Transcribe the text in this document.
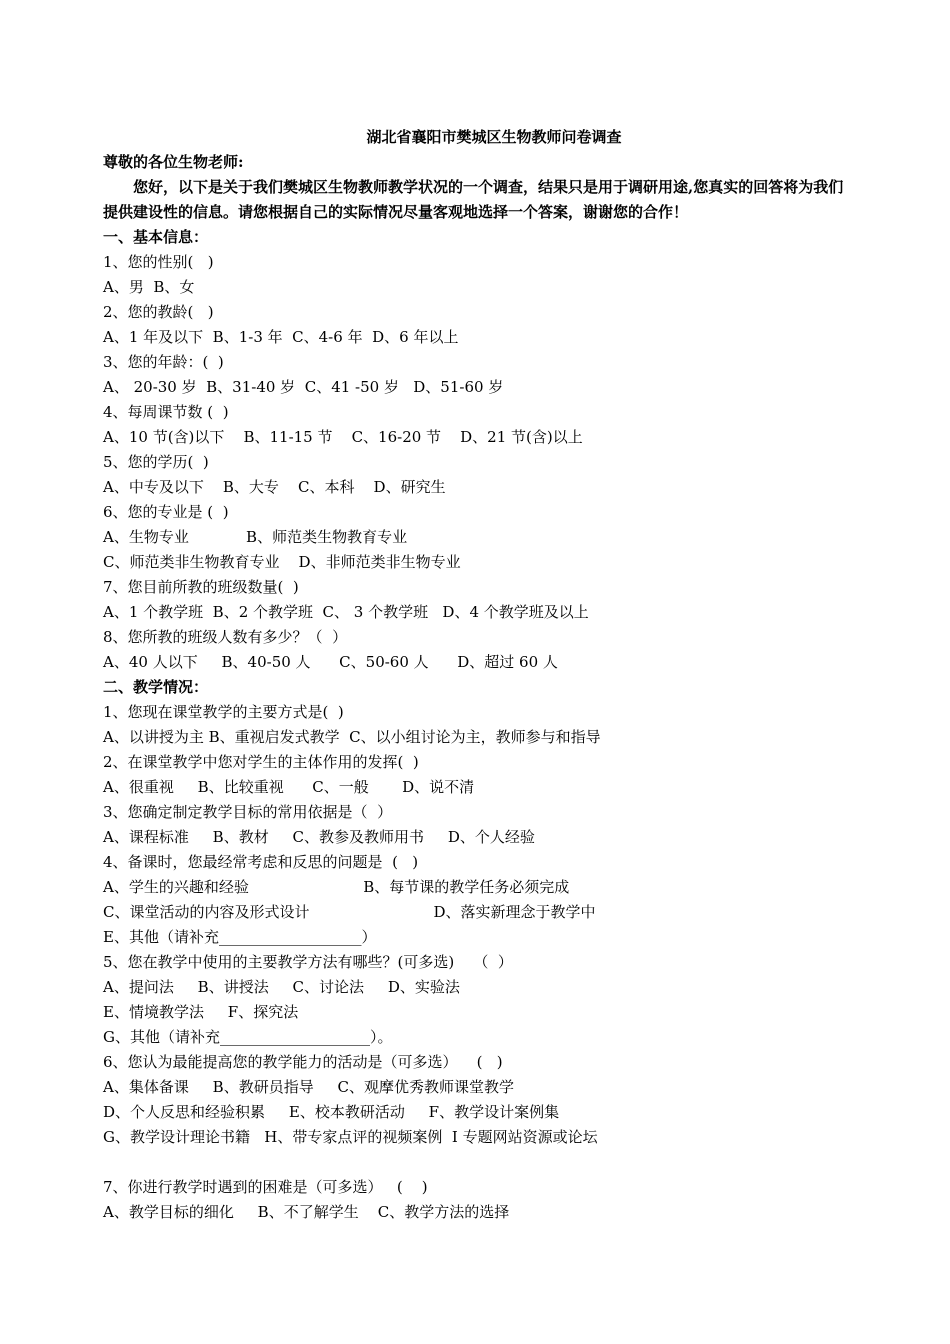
湖北省襄阳市樊城区生物教师问卷调查
尊敬的各位生物老师:
您好，以下是关于我们樊城区生物教师教学状况的一个调查，结果只是用于调研用途,您真实的回答将为我们提供建设性的信息。请您根据自己的实际情况尽量客观地选择一个答案，谢谢您的合作！
一、基本信息：
1、您的性别(   )
A、男  B、女
2、您的教龄(   )
A、1 年及以下  B、1-3 年  C、4-6 年  D、6 年以上
3、您的年龄：(  )
A、 20-30 岁  B、31-40 岁  C、41 -50 岁   D、51-60 岁
4、每周课节数 (  )
A、10 节(含)以下    B、11-15 节    C、16-20 节    D、21 节(含)以上
5、您的学历(  )
A、中专及以下    B、大专    C、本科    D、研究生
6、您的专业是 (  )
A、生物专业            B、师范类生物教育专业
C、师范类非生物教育专业    D、非师范类非生物专业
7、您目前所教的班级数量(  )
A、1 个教学班  B、2 个教学班  C、 3 个教学班   D、4 个教学班及以上
8、您所教的班级人数有多少？（  ）
A、40 人以下     B、40-50 人      C、50-60 人      D、超过 60 人
二、教学情况：
1、您现在课堂教学的主要方式是(  )
A、以讲授为主 B、重视启发式教学  C、以小组讨论为主，教师参与和指导
2、在课堂教学中您对学生的主体作用的发挥(  )
A、很重视     B、比较重视      C、一般       D、说不清
3、您确定制定教学目标的常用依据是（  ）
A、课程标准     B、教材     C、教参及教师用书     D、个人经验
4、备课时，您最经常考虑和反思的问题是  (   )
A、学生的兴趣和经验                        B、每节课的教学任务必须完成
C、课堂活动的内容及形式设计                          D、落实新理念于教学中
E、其他（请补充___________________）
5、您在教学中使用的主要教学方法有哪些？(可多选)    （  ）
A、提问法     B、讲授法     C、讨论法     D、实验法
E、情境教学法     F、探究法
G、其他（请补充____________________）。
6、您认为最能提高您的教学能力的活动是（可多选）    (   )
A、集体备课     B、教研员指导     C、观摩优秀教师课堂教学
D、个人反思和经验积累     E、校本教研活动     F、教学设计案例集
G、教学设计理论书籍   H、带专家点评的视频案例  I 专题网站资源或论坛
7、你进行教学时遇到的困难是（可多选）   (    )
A、教学目标的细化     B、不了解学生    C、教学方法的选择
